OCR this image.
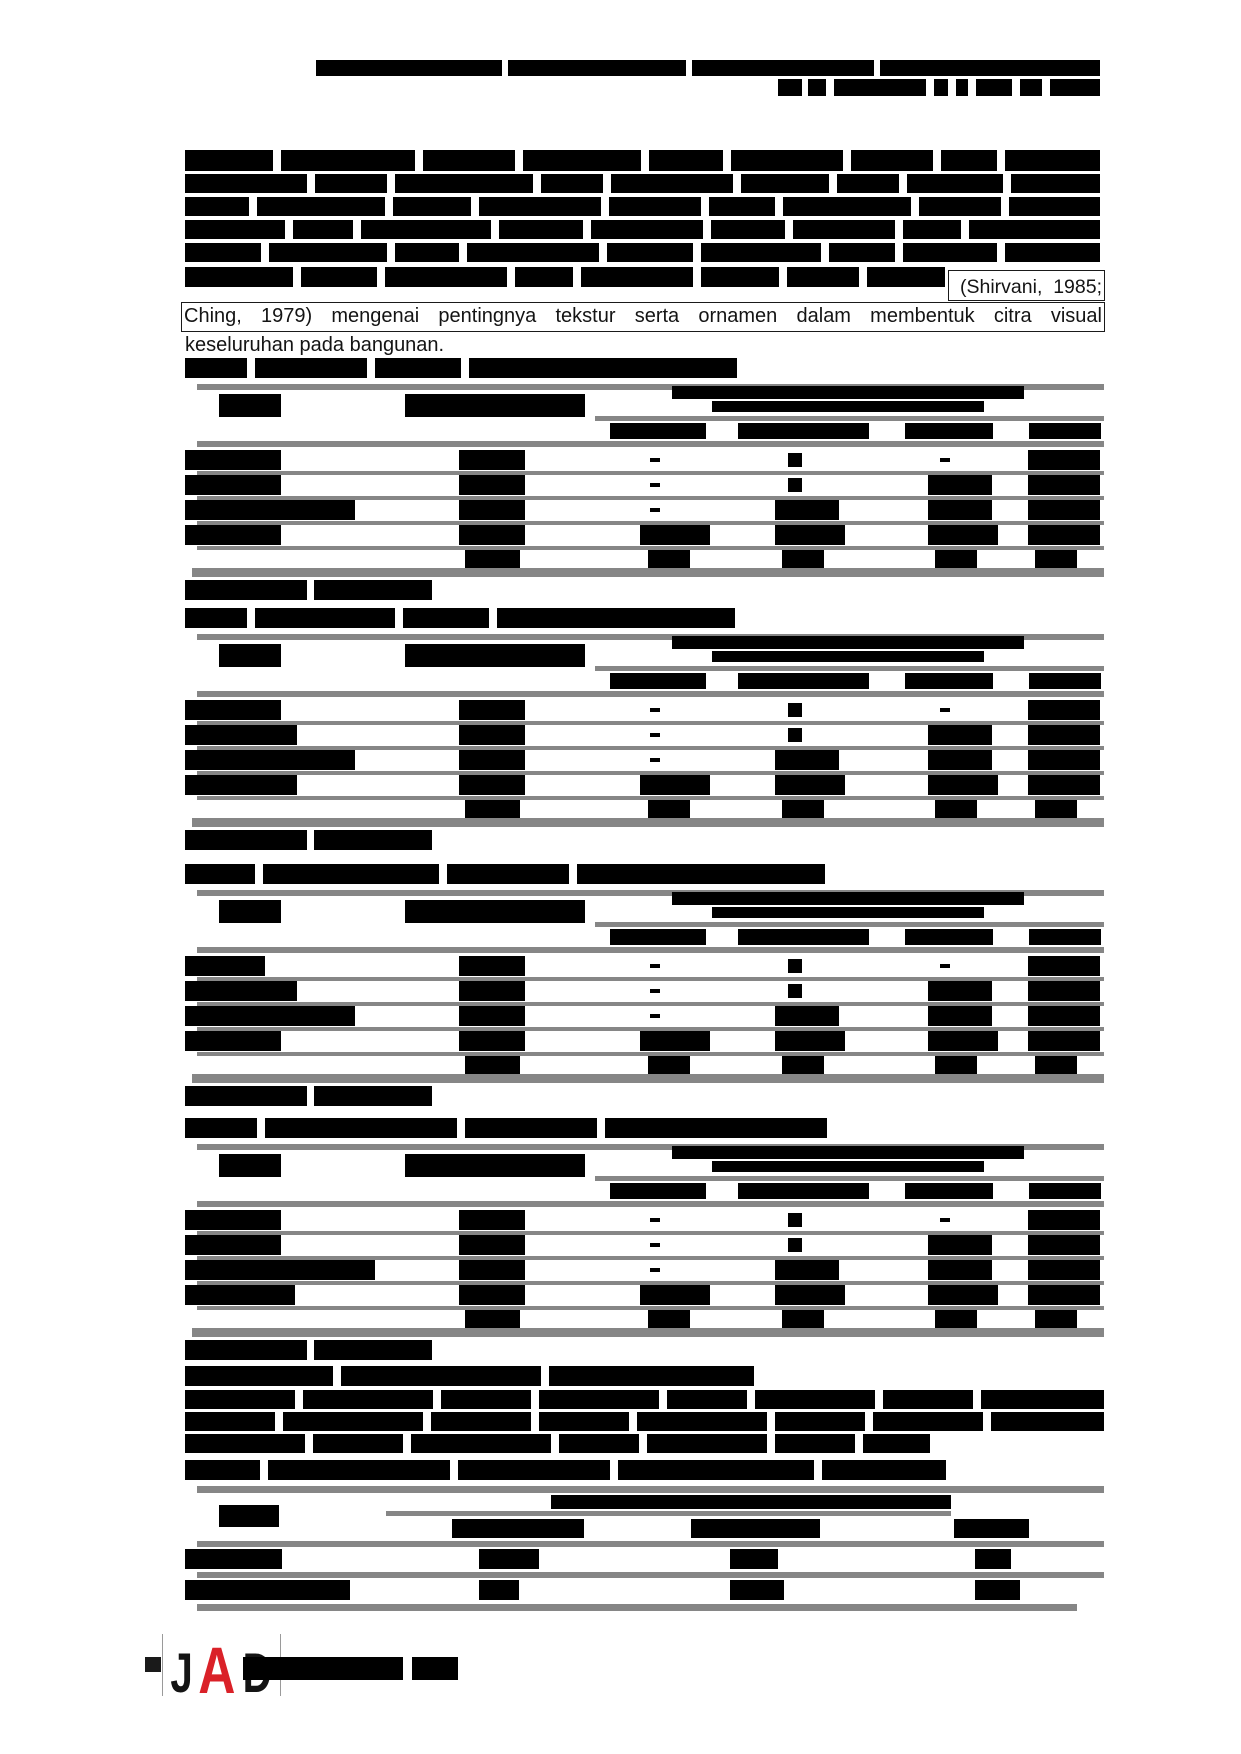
(Shirvani,  1985;
Ching, 1979) mengenai pentingnya tekstur serta ornamen dalam membentuk citra visual
keseluruhan pada bangunan.
J A
